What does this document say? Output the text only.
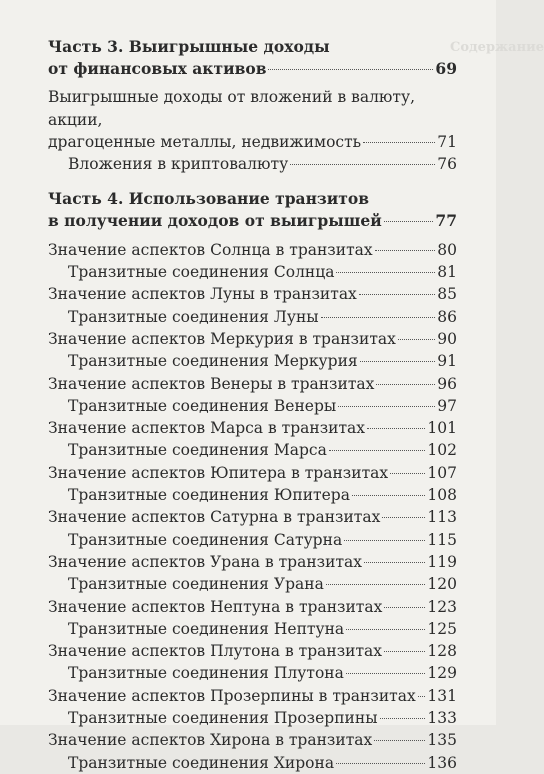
Содержание
Часть 3. Выигрышные доходы
от финансовых активов	69
Выигрышные доходы от вложений в валюту, акции,
драгоценные металлы, недвижимость	71
Вложения в криптовалюту	76
Часть 4. Использование транзитов
в получении доходов от выигрышей	77
Значение аспектов Солнца в транзитах	80
Транзитные соединения Солнца	81
Значение аспектов Луны в транзитах	85
Транзитные соединения Луны	86
Значение аспектов Меркурия в транзитах	90
Транзитные соединения Меркурия	91
Значение аспектов Венеры в транзитах	96
Транзитные соединения Венеры	97
Значение аспектов Марса в транзитах	101
Транзитные соединения Марса	102
Значение аспектов Юпитера в транзитах	107
Транзитные соединения Юпитера	108
Значение аспектов Сатурна в транзитах	113
Транзитные соединения Сатурна	115
Значение аспектов Урана в транзитах	119
Транзитные соединения Урана	120
Значение аспектов Нептуна в транзитах	123
Транзитные соединения Нептуна	125
Значение аспектов Плутона в транзитах	128
Транзитные соединения Плутона	129
Значение аспектов Прозерпины в транзитах 131
Транзитные соединения Прозерпины	133
Значение аспектов Хирона в транзитах	135
Транзитные соединения Хирона	136
